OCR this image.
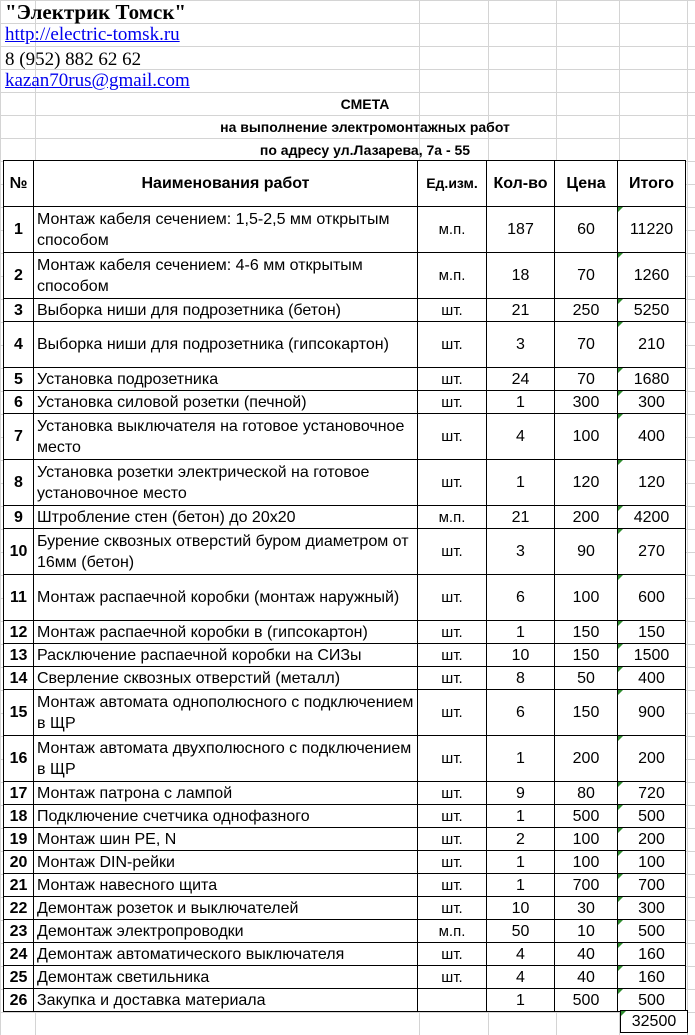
"Электрик Томск"
http://electric-tomsk.ru
8 (952) 882 62 62
kazan70rus@gmail.com
СМЕТА
на выполнение электромонтажных работ
по адресу ул.Лазарева, 7а - 55
№	Наименования работ	Ед.изм.	Кол-во	Цена	Итого
1	Монтаж кабеля сечением: 1,5-2,5 мм открытым способом	м.п.	187	60	11220
2	Монтаж кабеля сечением: 4-6 мм открытым способом	м.п.	18	70	1260
3	Выборка ниши для подрозетника (бетон)	шт.	21	250	5250
4	Выборка ниши для подрозетника (гипсокартон)	шт.	3	70	210
5	Установка подрозетника	шт.	24	70	1680
6	Установка силовой розетки (печной)	шт.	1	300	300
7	Установка выключателя на готовое установочное место	шт.	4	100	400
8	Установка розетки электрической на готовое установочное место	шт.	1	120	120
9	Штробление стен (бетон) до 20х20	м.п.	21	200	4200
10	Бурение сквозных отверстий буром диаметром от 16мм (бетон)	шт.	3	90	270
11	Монтаж распаечной коробки (монтаж наружный)	шт.	6	100	600
12	Монтаж распаечной коробки в (гипсокартон)	шт.	1	150	150
13	Расключение распаечной коробки на СИЗы	шт.	10	150	1500
14	Сверление сквозных отверстий (металл)	шт.	8	50	400
15	Монтаж автомата однополюсного с подключением в ЩР	шт.	6	150	900
16	Монтаж автомата двухполюсного с подключением в ЩР	шт.	1	200	200
17	Монтаж патрона с лампой	шт.	9	80	720
18	Подключение счетчика однофазного	шт.	1	500	500
19	Монтаж шин PE, N	шт.	2	100	200
20	Монтаж DIN-рейки	шт.	1	100	100
21	Монтаж навесного щита	шт.	1	700	700
22	Демонтаж розеток и выключателей	шт.	10	30	300
23	Демонтаж электропроводки	м.п.	50	10	500
24	Демонтаж автоматического выключателя	шт.	4	40	160
25	Демонтаж светильника	шт.	4	40	160
26	Закупка и доставка материала		1	500	500
32500
